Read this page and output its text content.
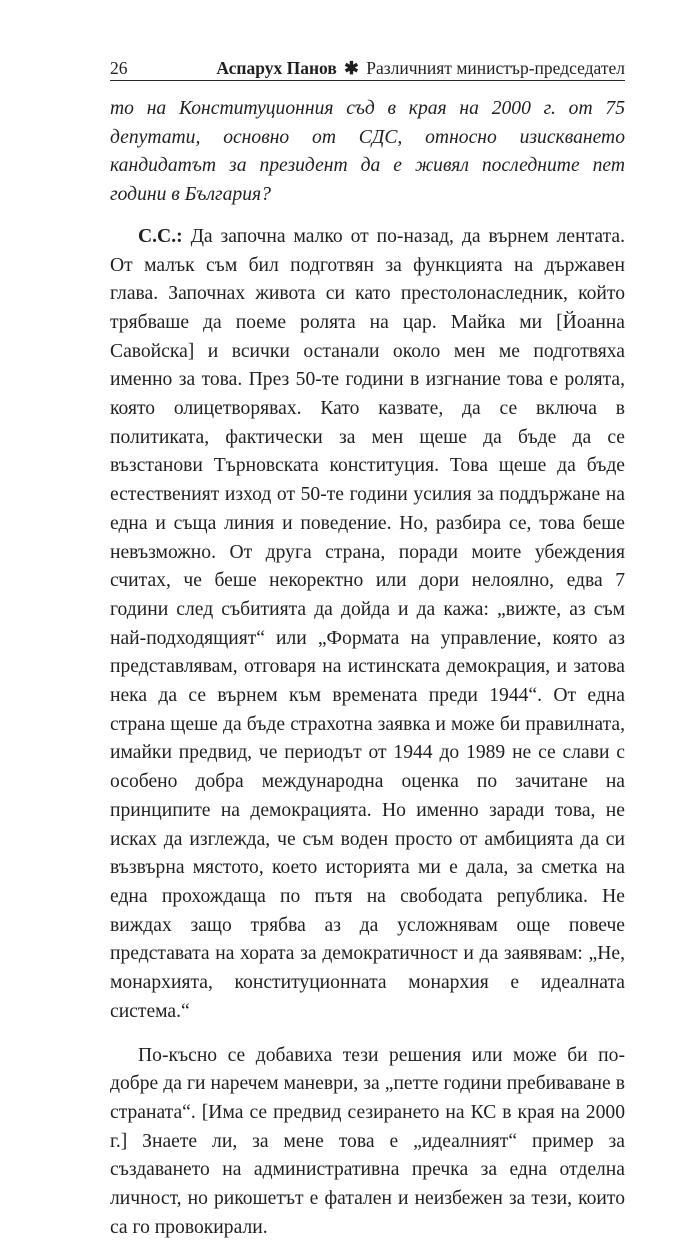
26	Аспарух Панов ✱ Различният министър-председател

то на Конституционния съд в края на 2000 г. от 75 депутати, основно от СДС, относно изискването кандидатът за президент да е живял последните пет години в България?

С.С.: Да започна малко от по-назад, да върнем лентата. От малък съм бил подготвян за функцията на държавен глава. Започнах живота си като престолонаследник, който трябваше да поеме ролята на цар. Майка ми [Йоанна Савойска] и всички останали около мен ме подготвяха именно за това. През 50-те години в изгнание това е ролята, която олицетворявах. Като казвате, да се включа в политиката, фактически за мен щеше да бъде да се възстанови Търновската конституция. Това щеше да бъде естественият изход от 50-те години усилия за поддържане на една и съща линия и поведение. Но, разбира се, това беше невъзможно. От друга страна, поради моите убеждения считах, че беше некоректно или дори нелоялно, едва 7 години след събитията да дойда и да кажа: „вижте, аз съм най-подходящият“ или „Формата на управление, която аз представлявам, отговаря на истинската демокрация, и затова нека да се върнем към времената преди 1944“. От една страна щеше да бъде страхотна заявка и може би правилната, имайки предвид, че периодът от 1944 до 1989 не се слави с особено добра международна оценка по зачитане на принципите на демокрацията. Но именно заради това, не исках да изглежда, че съм воден просто от амбицията да си възвърна мястото, което историята ми е дала, за сметка на една прохождаща по пътя на свободата република. Не виждах защо трябва аз да усложнявам още повече представата на хората за демократичност и да заявявам: „Не, монархията, конституционната монархия е идеалната система.“

По-късно се добавиха тези решения или може би по-добре да ги наречем маневри, за „петте години пребиваване в страната“. [Има се предвид сезирането на КС в края на 2000 г.] Знаете ли, за мене това е „идеалният“ пример за създаването на административна пречка за една отделна личност, но рикошетът е фатален и неизбежен за тези, които са го провокирали.
